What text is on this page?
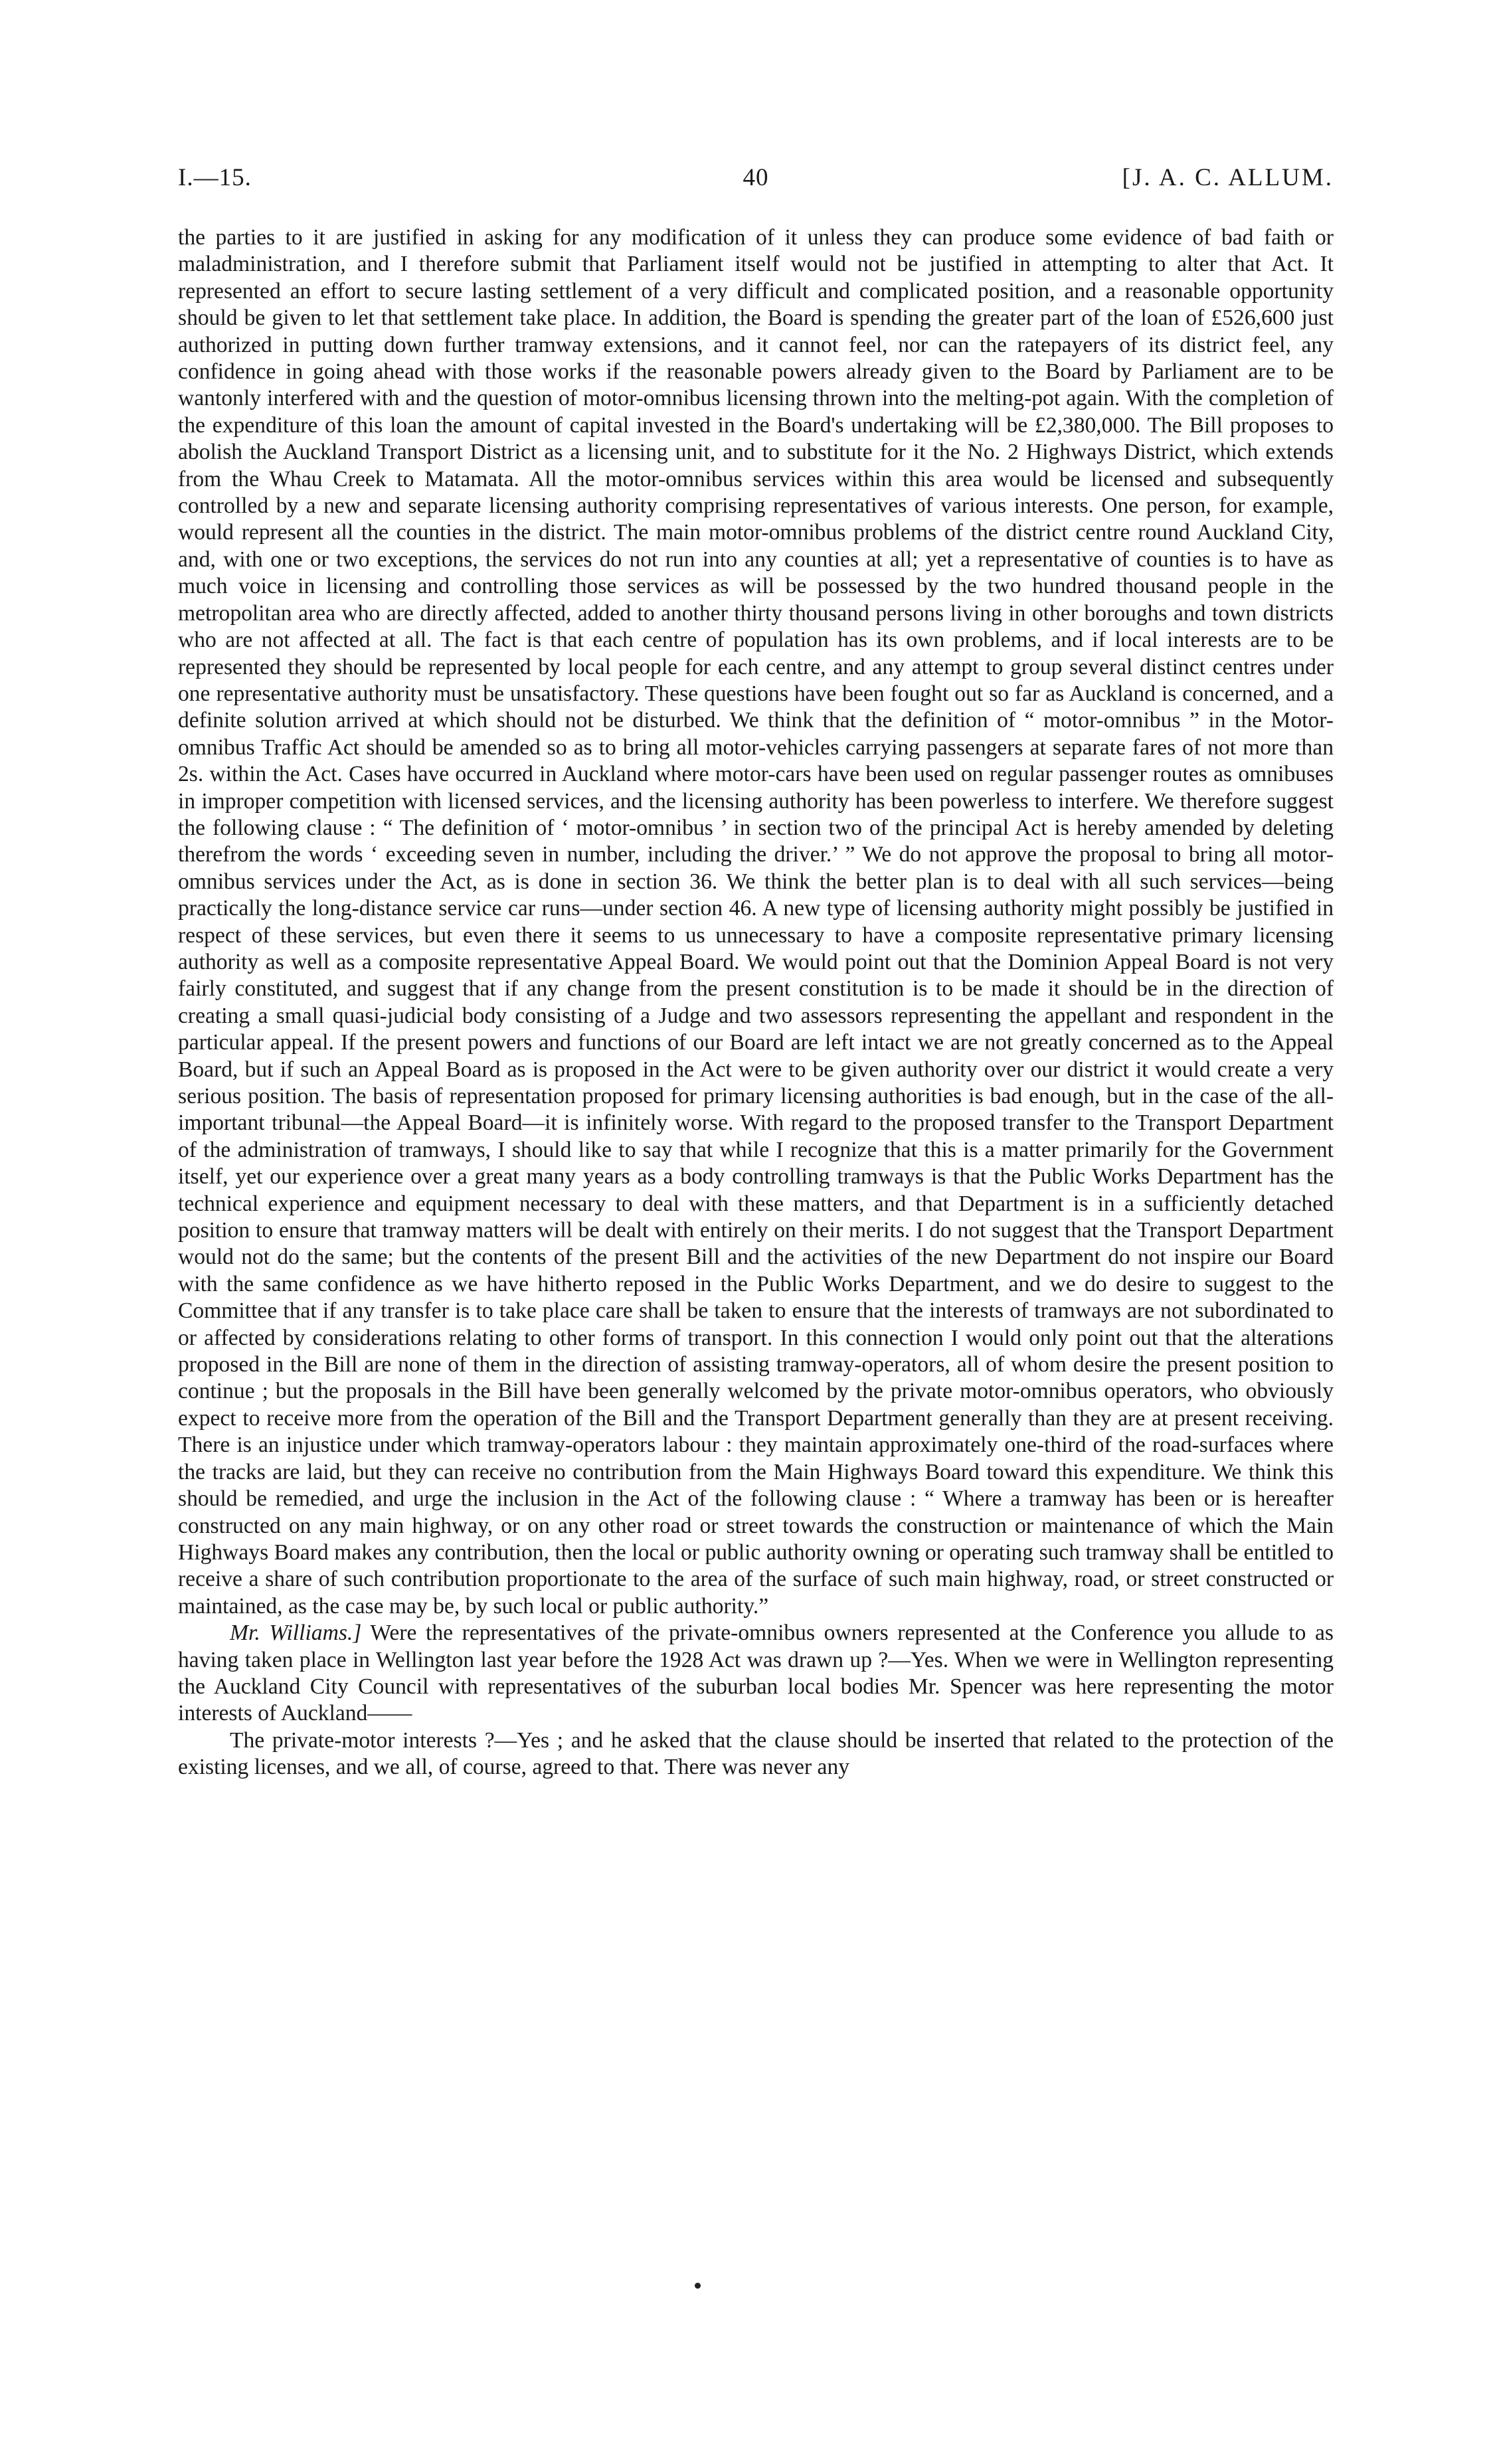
I.—15.	40	[J. A. C. ALLUM.

the parties to it are justified in asking for any modification of it unless they can produce some evidence of bad faith or maladministration, and I therefore submit that Parliament itself would not be justified in attempting to alter that Act. It represented an effort to secure lasting settlement of a very difficult and complicated position, and a reasonable opportunity should be given to let that settlement take place. In addition, the Board is spending the greater part of the loan of £526,600 just authorized in putting down further tramway extensions, and it cannot feel, nor can the ratepayers of its district feel, any confidence in going ahead with those works if the reasonable powers already given to the Board by Parliament are to be wantonly interfered with and the question of motor-omnibus licensing thrown into the melting-pot again. With the completion of the expenditure of this loan the amount of capital invested in the Board's undertaking will be £2,380,000. The Bill proposes to abolish the Auckland Transport District as a licensing unit, and to substitute for it the No. 2 Highways District, which extends from the Whau Creek to Matamata. All the motor-omnibus services within this area would be licensed and subsequently controlled by a new and separate licensing authority comprising representatives of various interests. One person, for example, would represent all the counties in the district. The main motor-omnibus problems of the district centre round Auckland City, and, with one or two exceptions, the services do not run into any counties at all; yet a representative of counties is to have as much voice in licensing and controlling those services as will be possessed by the two hundred thousand people in the metropolitan area who are directly affected, added to another thirty thousand persons living in other boroughs and town districts who are not affected at all. The fact is that each centre of population has its own problems, and if local interests are to be represented they should be represented by local people for each centre, and any attempt to group several distinct centres under one representative authority must be unsatisfactory. These questions have been fought out so far as Auckland is concerned, and a definite solution arrived at which should not be disturbed. We think that the definition of “ motor-omnibus ” in the Motor-omnibus Traffic Act should be amended so as to bring all motor-vehicles carrying passengers at separate fares of not more than 2s. within the Act. Cases have occurred in Auckland where motor-cars have been used on regular passenger routes as omnibuses in improper competition with licensed services, and the licensing authority has been powerless to interfere. We therefore suggest the following clause : “ The definition of ‘ motor-omnibus ’ in section two of the principal Act is hereby amended by deleting therefrom the words ‘ exceeding seven in number, including the driver.’ ” We do not approve the proposal to bring all motor-omnibus services under the Act, as is done in section 36. We think the better plan is to deal with all such services—being practically the long-distance service car runs—under section 46. A new type of licensing authority might possibly be justified in respect of these services, but even there it seems to us unnecessary to have a composite representative primary licensing authority as well as a composite representative Appeal Board. We would point out that the Dominion Appeal Board is not very fairly constituted, and suggest that if any change from the present constitution is to be made it should be in the direction of creating a small quasi-judicial body consisting of a Judge and two assessors representing the appellant and respondent in the particular appeal. If the present powers and functions of our Board are left intact we are not greatly concerned as to the Appeal Board, but if such an Appeal Board as is proposed in the Act were to be given authority over our district it would create a very serious position. The basis of representation proposed for primary licensing authorities is bad enough, but in the case of the all-important tribunal—the Appeal Board—it is infinitely worse. With regard to the proposed transfer to the Transport Department of the administration of tramways, I should like to say that while I recognize that this is a matter primarily for the Government itself, yet our experience over a great many years as a body controlling tramways is that the Public Works Department has the technical experience and equipment necessary to deal with these matters, and that Department is in a sufficiently detached position to ensure that tramway matters will be dealt with entirely on their merits. I do not suggest that the Transport Department would not do the same; but the contents of the present Bill and the activities of the new Department do not inspire our Board with the same confidence as we have hitherto reposed in the Public Works Department, and we do desire to suggest to the Committee that if any transfer is to take place care shall be taken to ensure that the interests of tramways are not subordinated to or affected by considerations relating to other forms of transport. In this connection I would only point out that the alterations proposed in the Bill are none of them in the direction of assisting tramway-operators, all of whom desire the present position to continue ; but the proposals in the Bill have been generally welcomed by the private motor-omnibus operators, who obviously expect to receive more from the operation of the Bill and the Transport Department generally than they are at present receiving. There is an injustice under which tramway-operators labour : they maintain approximately one-third of the road-surfaces where the tracks are laid, but they can receive no contribution from the Main Highways Board toward this expenditure. We think this should be remedied, and urge the inclusion in the Act of the following clause : “ Where a tramway has been or is hereafter constructed on any main highway, or on any other road or street towards the construction or maintenance of which the Main Highways Board makes any contribution, then the local or public authority owning or operating such tramway shall be entitled to receive a share of such contribution proportionate to the area of the surface of such main highway, road, or street constructed or maintained, as the case may be, by such local or public authority.”

Mr. Williams.] Were the representatives of the private-omnibus owners represented at the Conference you allude to as having taken place in Wellington last year before the 1928 Act was drawn up ?—Yes. When we were in Wellington representing the Auckland City Council with representatives of the suburban local bodies Mr. Spencer was here representing the motor interests of Auckland——

The private-motor interests ?—Yes ; and he asked that the clause should be inserted that related to the protection of the existing licenses, and we all, of course, agreed to that. There was never any
